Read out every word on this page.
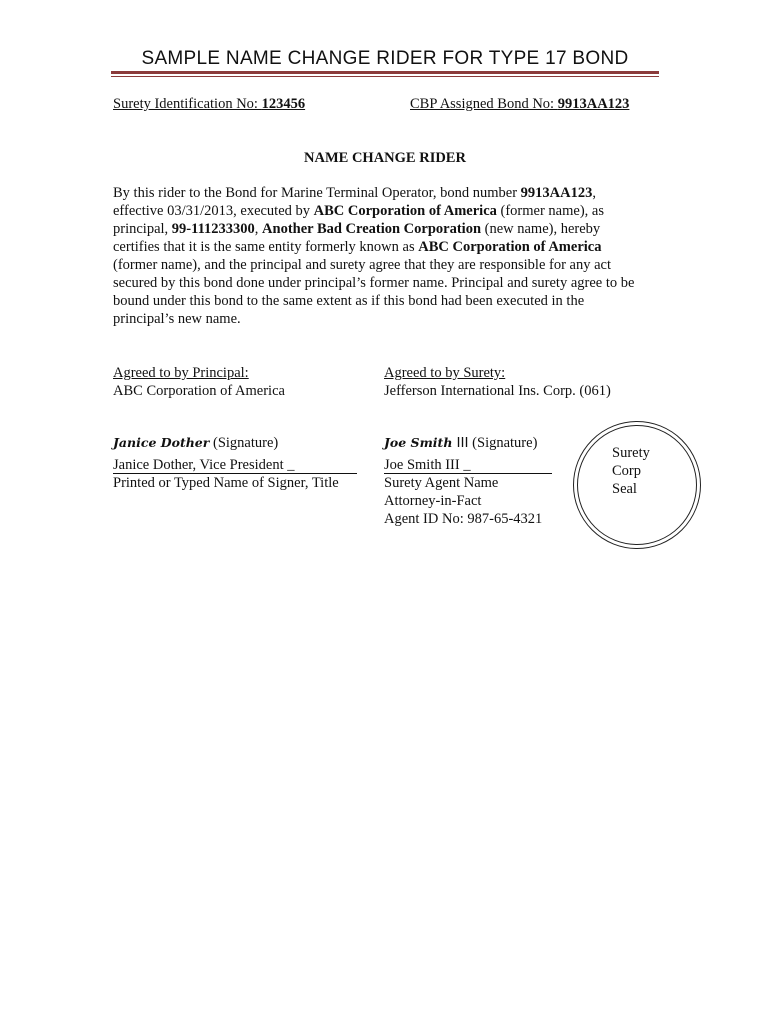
SAMPLE NAME CHANGE RIDER FOR TYPE 17 BOND
Surety Identification No: 123456	CBP Assigned Bond No: 9913AA123
NAME CHANGE RIDER
By this rider to the Bond for Marine Terminal Operator, bond number 9913AA123, effective 03/31/2013, executed by ABC Corporation of America (former name), as principal, 99-111233300, Another Bad Creation Corporation (new name), hereby certifies that it is the same entity formerly known as ABC Corporation of America (former name), and the principal and surety agree that they are responsible for any act secured by this bond done under principal’s former name. Principal and surety agree to be bound under this bond to the same extent as if this bond had been executed in the principal’s new name.
Agreed to by Principal:
ABC Corporation of America
Janice Dother (Signature)
Janice Dother, Vice President _
Printed or Typed Name of Signer, Title
Agreed to by Surety:
Jefferson International Ins. Corp. (061)
Joe Smith III (Signature)
Joe Smith III _
Surety Agent Name
Attorney-in-Fact
Agent ID No: 987-65-4321
Surety
Corp
Seal
